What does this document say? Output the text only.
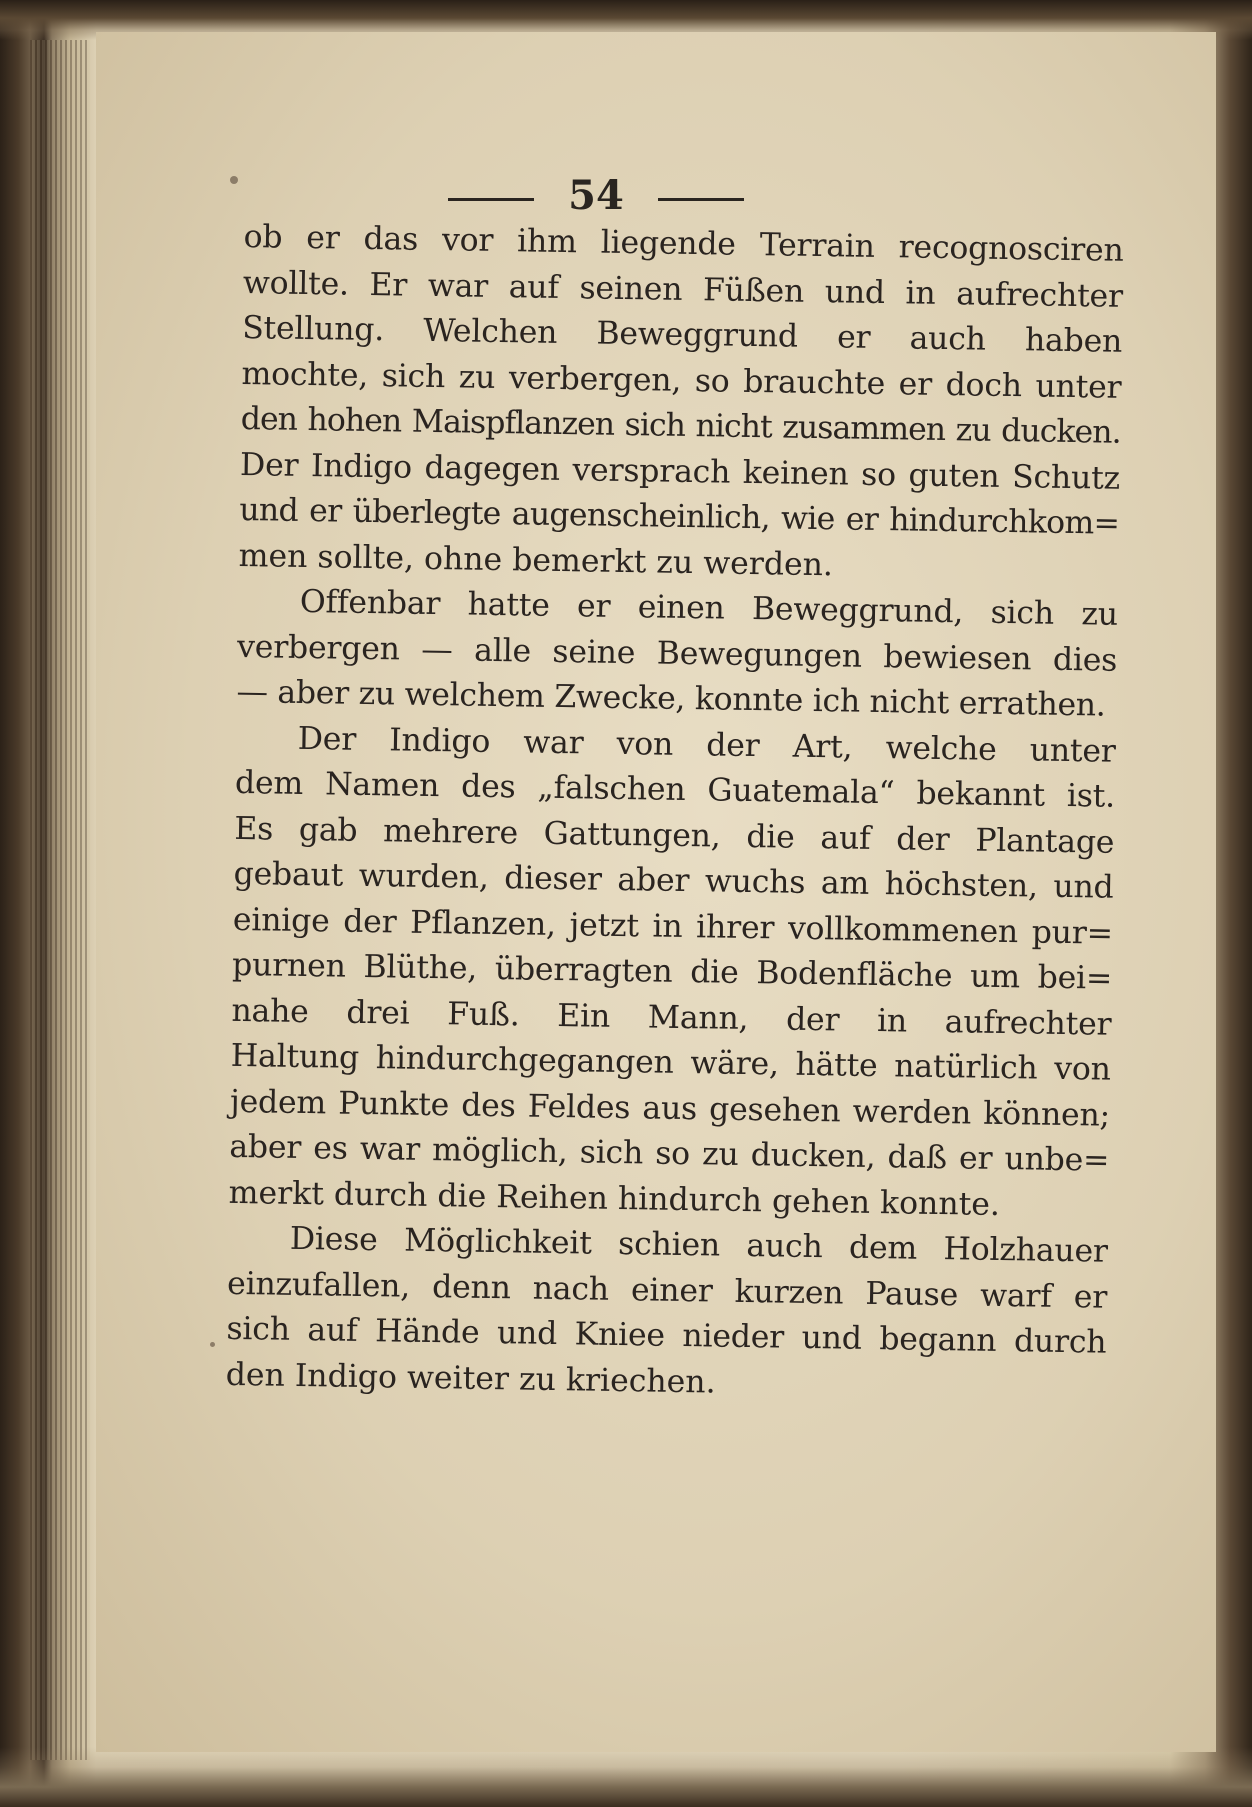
54

ob er das vor ihm liegende Terrain recognosciren
wollte. Er war auf seinen Füßen und in aufrechter
Stellung. Welchen Beweggrund er auch haben
mochte, sich zu verbergen, so brauchte er doch unter
den hohen Maispflanzen sich nicht zusammen zu ducken.
Der Indigo dagegen versprach keinen so guten Schutz
und er überlegte augenscheinlich, wie er hindurchkom=
men sollte, ohne bemerkt zu werden.

Offenbar hatte er einen Beweggrund, sich zu
verbergen — alle seine Bewegungen bewiesen dies
— aber zu welchem Zwecke, konnte ich nicht errathen.

Der Indigo war von der Art, welche unter
dem Namen des „falschen Guatemala“ bekannt ist.
Es gab mehrere Gattungen, die auf der Plantage
gebaut wurden, dieser aber wuchs am höchsten, und
einige der Pflanzen, jetzt in ihrer vollkommenen pur=
purnen Blüthe, überragten die Bodenfläche um bei=
nahe drei Fuß. Ein Mann, der in aufrechter
Haltung hindurchgegangen wäre, hätte natürlich von
jedem Punkte des Feldes aus gesehen werden können;
aber es war möglich, sich so zu ducken, daß er unbe=
merkt durch die Reihen hindurch gehen konnte.

Diese Möglichkeit schien auch dem Holzhauer
einzufallen, denn nach einer kurzen Pause warf er
sich auf Hände und Kniee nieder und begann durch
den Indigo weiter zu kriechen.
